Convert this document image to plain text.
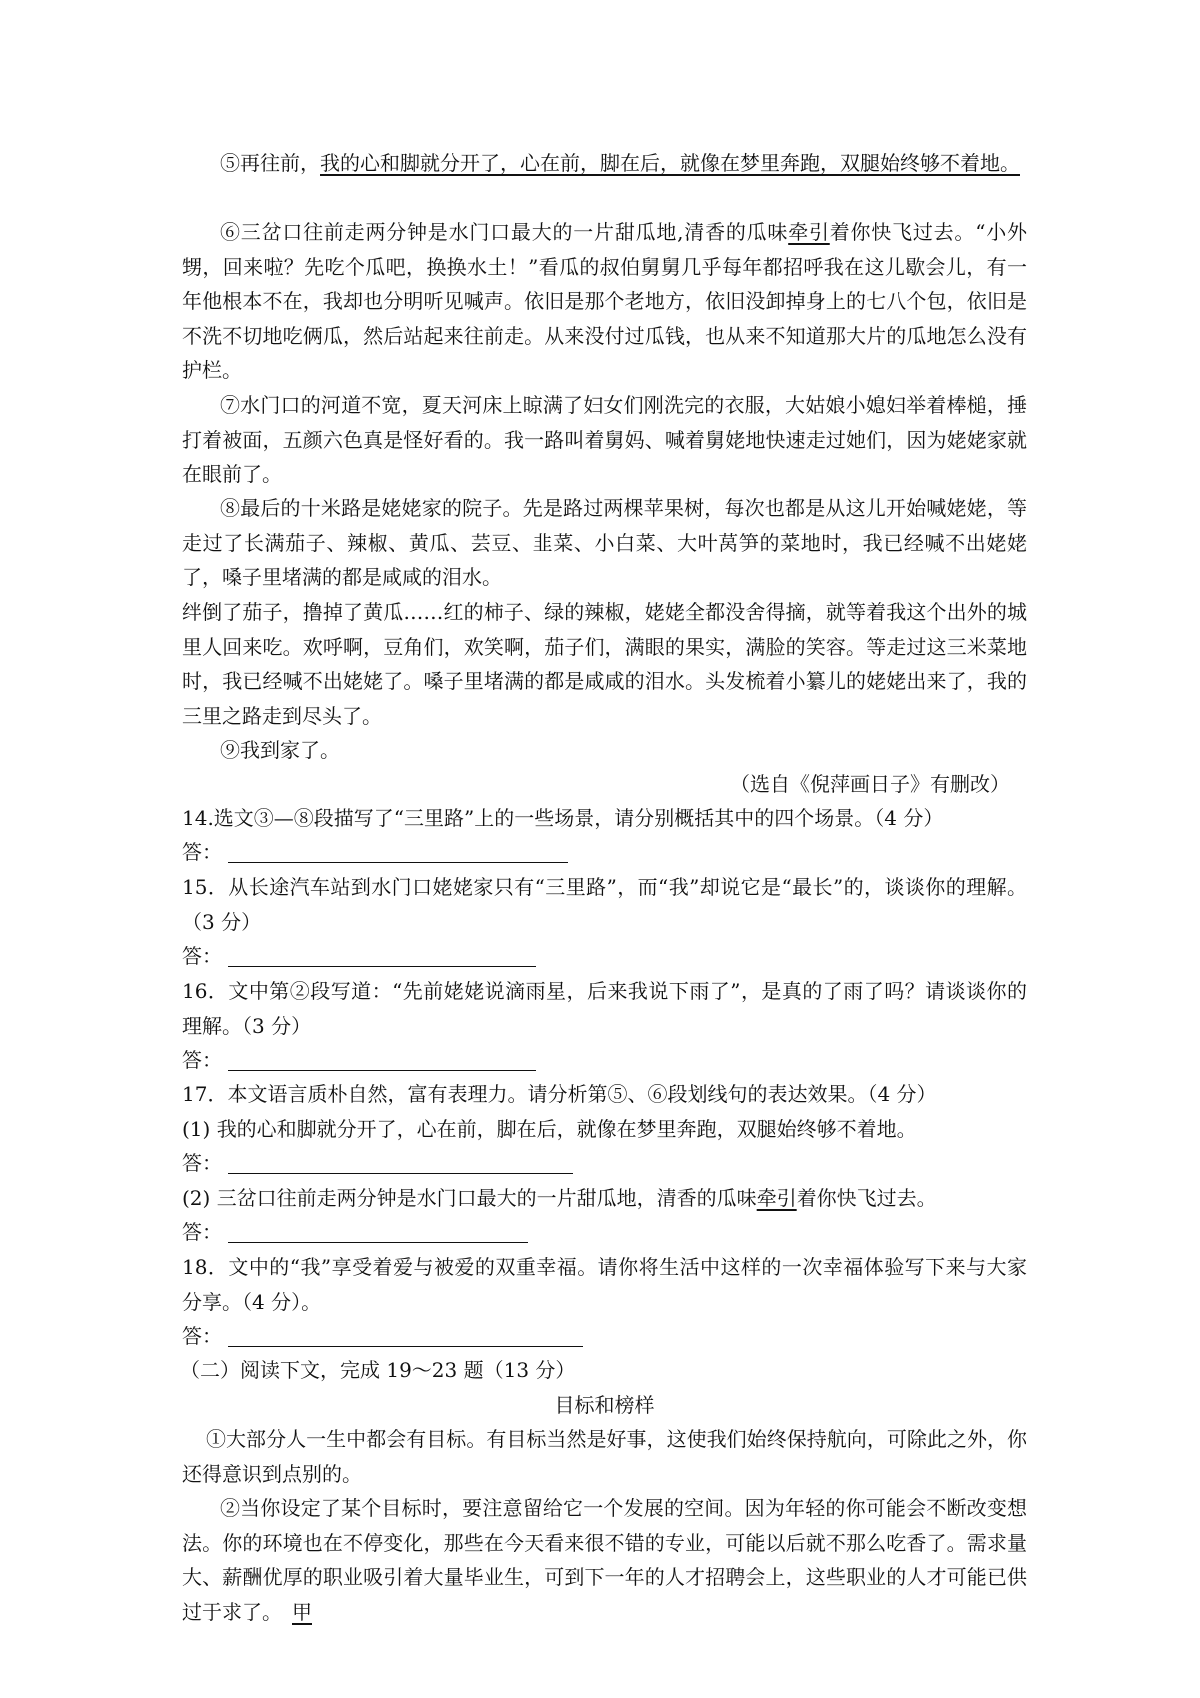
⑤再往前，我的心和脚就分开了，心在前，脚在后，就像在梦里奔跑，双腿始终够不着地。

⑥三岔口往前走两分钟是水门口最大的一片甜瓜地,清香的瓜味牵引着你快飞过去。“小外甥，回来啦？先吃个瓜吧，换换水土！”看瓜的叔伯舅舅几乎每年都招呼我在这儿歇会儿，有一年他根本不在，我却也分明听见喊声。依旧是那个老地方，依旧没卸掉身上的七八个包，依旧是不洗不切地吃俩瓜，然后站起来往前走。从来没付过瓜钱，也从来不知道那大片的瓜地怎么没有护栏。

⑦水门口的河道不宽，夏天河床上晾满了妇女们刚洗完的衣服，大姑娘小媳妇举着棒槌，捶打着被面，五颜六色真是怪好看的。我一路叫着舅妈、喊着舅姥地快速走过她们，因为姥姥家就在眼前了。

⑧最后的十米路是姥姥家的院子。先是路过两棵苹果树，每次也都是从这儿开始喊姥姥，等走过了长满茄子、辣椒、黄瓜、芸豆、韭菜、小白菜、大叶莴笋的菜地时，我已经喊不出姥姥了，嗓子里堵满的都是咸咸的泪水。

绊倒了茄子，撸掉了黄瓜……红的柿子、绿的辣椒，姥姥全都没舍得摘，就等着我这个出外的城里人回来吃。欢呼啊，豆角们，欢笑啊，茄子们，满眼的果实，满脸的笑容。等走过这三米菜地时，我已经喊不出姥姥了。嗓子里堵满的都是咸咸的泪水。头发梳着小纂儿的姥姥出来了，我的三里之路走到尽头了。

⑨我到家了。

（选自《倪萍画日子》有删改）

14.选文③—⑧段描写了“三里路”上的一些场景，请分别概括其中的四个场景。（4 分）

答：

15．从长途汽车站到水门口姥姥家只有“三里路”，而“我”却说它是“最长”的，谈谈你的理解。（3 分）

答：

16．文中第②段写道：“先前姥姥说滴雨星，后来我说下雨了”，是真的了雨了吗？请谈谈你的理解。（3 分）

答：

17．本文语言质朴自然，富有表理力。请分析第⑤、⑥段划线句的表达效果。（4 分）

(1) 我的心和脚就分开了，心在前，脚在后，就像在梦里奔跑，双腿始终够不着地。

答：

(2) 三岔口往前走两分钟是水门口最大的一片甜瓜地，清香的瓜味牵引着你快飞过去。

答：

18．文中的“我”享受着爱与被爱的双重幸福。请你将生活中这样的一次幸福体验写下来与大家分享。（4 分）。

答：

（二）阅读下文，完成 19～23 题（13 分）

目标和榜样

①大部分人一生中都会有目标。有目标当然是好事，这使我们始终保持航向，可除此之外，你还得意识到点别的。

②当你设定了某个目标时，要注意留给它一个发展的空间。因为年轻的你可能会不断改变想法。你的环境也在不停变化，那些在今天看来很不错的专业，可能以后就不那么吃香了。需求量大、薪酬优厚的职业吸引着大量毕业生，可到下一年的人才招聘会上，这些职业的人才可能已供过于求了。 甲
